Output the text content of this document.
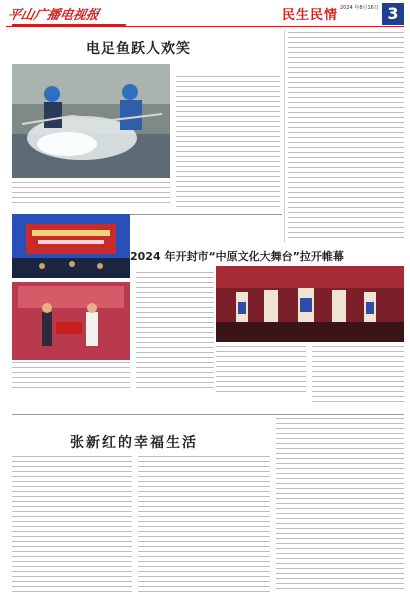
平山广播电视报	民生民情 2024 年8月16日 3
电足鱼跃人欢笑
2024 年开封市“中原文化大舞台”拉开帷幕
张新红的幸福生活
